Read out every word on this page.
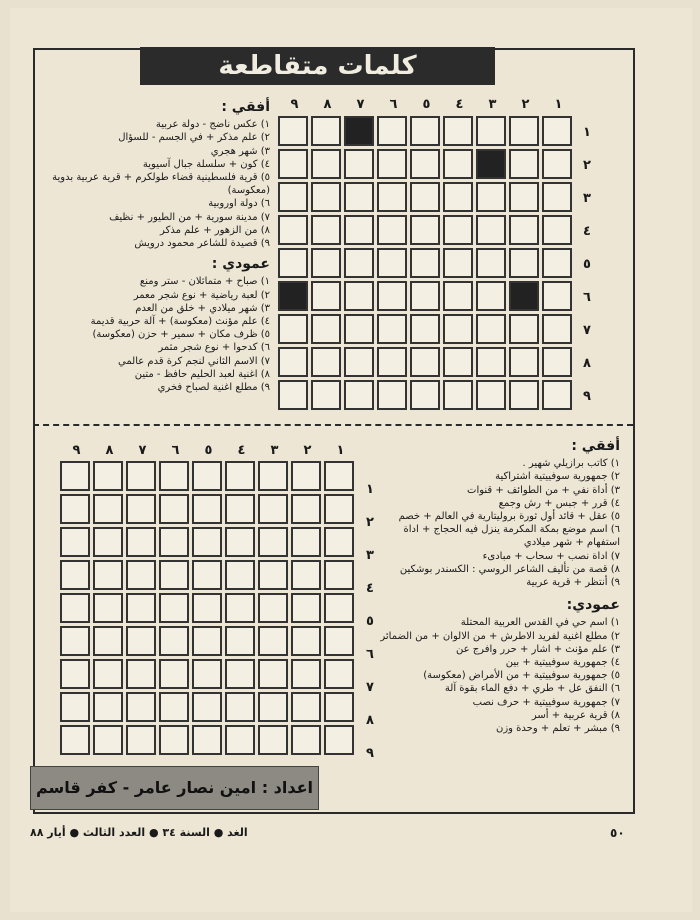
كلمات متقاطعة
١
٢
٣
٤
٥
٦
٧
٨
٩
١
٢
٣
٤
٥
٦
٧
٨
٩
أفقي :

١) عكس ناضج - دولة عربية

٢) علم مذكر + في الجسم - للسؤال

٣) شهر هجري

٤) كون + سلسلة جبال آسيوية

٥) قرية فلسطينية قضاء طولكرم + قرية عربية بدوية (معكوسة)

٦) دولة اوروبية

٧) مدينة سورية + من الطيور + نظيف

٨) من الزهور + علم مذكر

٩) قصيدة للشاعر محمود درويش

عمودي :

١) صباح + متماثلان - ستر ومنع

٢) لعبة رياضية + نوع شجر معمر

٣) شهر ميلادي + خلق من العدم

٤) علم مؤنث (معكوسة) + آلة حربية قديمة

٥) ظرف مكان + سمير + حزن (معكوسة)

٦) كدحوا + نوع شجر مثمر

٧) الاسم الثاني لنجم كرة قدم عالمي

٨) اغنية لعبد الحليم حافظ - متين

٩) مطلع اغنية لصباح فخري

١
٢
٣
٤
٥
٦
٧
٨
٩
١
٢
٣
٤
٥
٦
٧
٨
٩
أفقي :

١) كاتب برازيلي شهير .

٢) جمهورية سوفييتية اشتراكية

٣) أداة نفي + من الطوائف + قنوات

٤) قرر + جبس + رش وجمع

٥) عقل + قائد أول ثورة بروليتارية في العالم + خصم

٦) اسم موضع بمكة المكرمة ينزل فيه الحجاج + اداة استفهام + شهر ميلادي

٧) اداة نصب + سحاب + مبادىء

٨) قصة من تأليف الشاعر الروسي : الكسندر بوشكين

٩) أنتظر + قرية عربية

عمودي:

١) اسم حي في القدس العربية المحتلة

٢) مطلع اغنية لفريد الاطرش + من الالوان + من الضمائر

٣) علم مؤنث + اشار + حرر وافرج عن

٤) جمهورية سوفييتية + بين

٥) جمهورية سوفييتية + من الأمراض (معكوسة)

٦) النفق عل + طري + دفع الماء بقوة آلة

٧) جمهورية سوفييتية + حرف نصب

٨) قرية عربية + أسر

٩) مبشر + تعلم + وحدة وزن

اعداد : امين نصار عامر - كفر قاسم
الغد ● السنة ٣٤ ● العدد الثالث ● أيار ٨٨	٥٠
